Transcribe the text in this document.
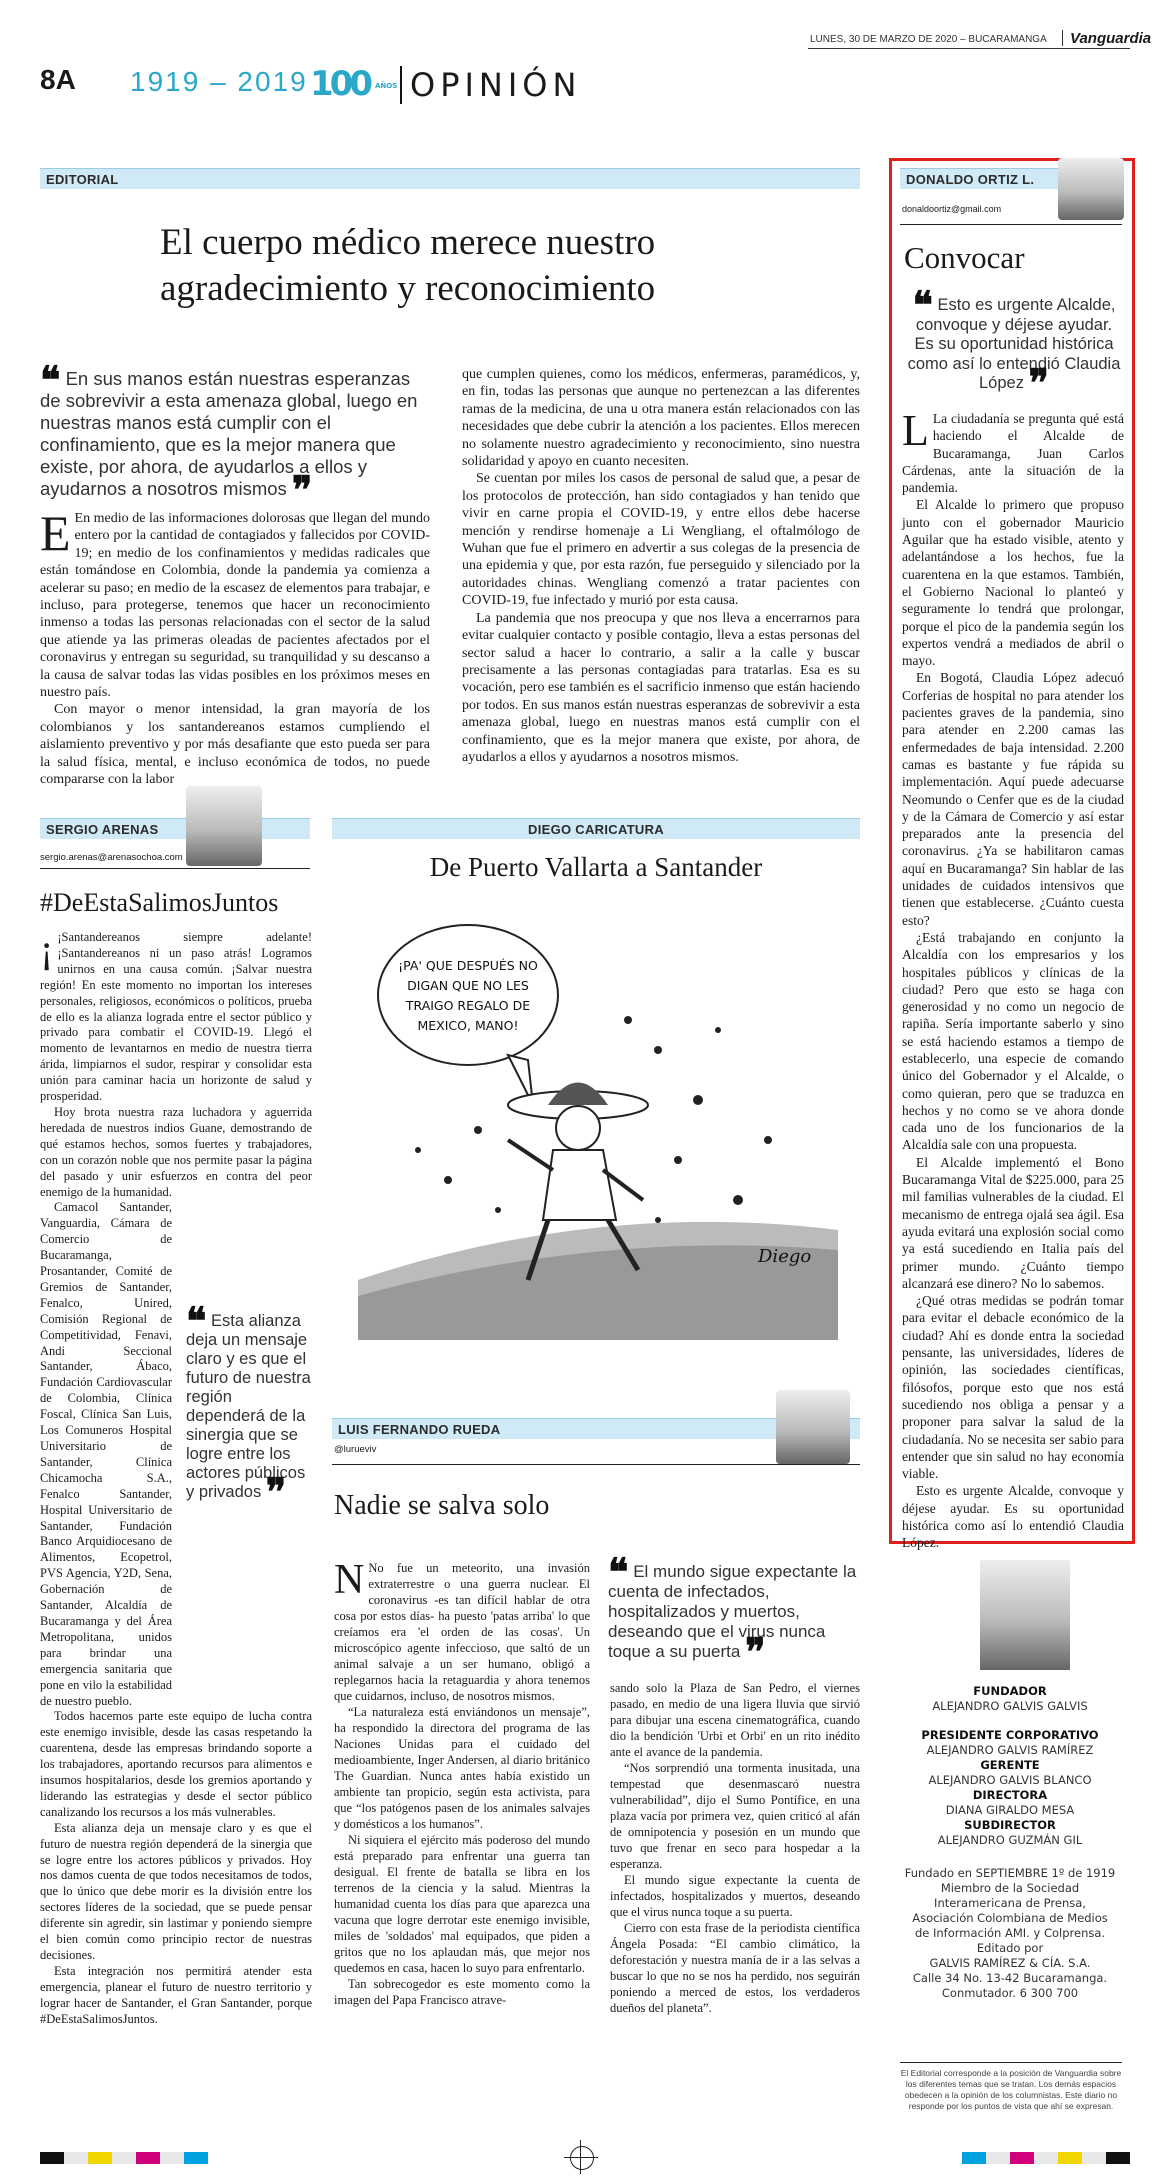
LUNES, 30 DE MARZO DE 2020 – BUCARAMANGA Vanguardia
8A 1919 – 2019 100 AÑOS OPINIÓN
EDITORIAL
El cuerpo médico merece nuestro agradecimiento y reconocimiento
❝ En sus manos están nuestras esperanzas de sobrevivir a esta amenaza global, luego en nuestras manos está cumplir con el confinamiento, que es la mejor manera que existe, por ahora, de ayudarlos a ellos y ayudarnos a nosotros mismos ❞

E En medio de las informaciones dolorosas que llegan del mundo entero por la cantidad de contagiados y fallecidos por COVID-19; en medio de los confinamientos y medidas radicales que están tomándose en Colombia, donde la pandemia ya comienza a acelerar su paso; en medio de la escasez de elementos para trabajar, e incluso, para protegerse, tenemos que hacer un reconocimiento inmenso a todas las personas relacionadas con el sector de la salud que atiende ya las primeras oleadas de pacientes afectados por el coronavirus y entregan su seguridad, su tranquilidad y su descanso a la causa de salvar todas las vidas posibles en los próximos meses en nuestro país.

Con mayor o menor intensidad, la gran mayoría de los colombianos y los santandereanos estamos cumpliendo el aislamiento preventivo y por más desafiante que esto pueda ser para la salud física, mental, e incluso económica de todos, no puede compararse con la labor

que cumplen quienes, como los médicos, enfermeras, paramédicos, y, en fin, todas las personas que aunque no pertenezcan a las diferentes ramas de la medicina, de una u otra manera están relacionados con las necesidades que debe cubrir la atención a los pacientes. Ellos merecen no solamente nuestro agradecimiento y reconocimiento, sino nuestra solidaridad y apoyo en cuanto necesiten.

Se cuentan por miles los casos de personal de salud que, a pesar de los protocolos de protección, han sido contagiados y han tenido que vivir en carne propia el COVID-19, y entre ellos debe hacerse mención y rendirse homenaje a Li Wengliang, el oftalmólogo de Wuhan que fue el primero en advertir a sus colegas de la presencia de una epidemia y que, por esta razón, fue perseguido y silenciado por la autoridades chinas. Wengliang comenzó a tratar pacientes con COVID-19, fue infectado y murió por esta causa.

La pandemia que nos preocupa y que nos lleva a encerrarnos para evitar cualquier contacto y posible contagio, lleva a estas personas del sector salud a hacer lo contrario, a salir a la calle y buscar precisamente a las personas contagiadas para tratarlas. Esa es su vocación, pero ese también es el sacrificio inmenso que están haciendo por todos. En sus manos están nuestras esperanzas de sobrevivir a esta amenaza global, luego en nuestras manos está cumplir con el confinamiento, que es la mejor manera que existe, por ahora, de ayudarlos a ellos y ayudarnos a nosotros mismos.

DONALDO ORTIZ L.
donaldoortiz@gmail.com
Convocar
❝ Esto es urgente Alcalde, convoque y déjese ayudar. Es su oportunidad histórica como así lo entendió Claudia López ❞

L La ciudadanía se pregunta qué está haciendo el Alcalde de Bucaramanga, Juan Carlos Cárdenas, ante la situación de la pandemia.

El Alcalde lo primero que propuso junto con el gobernador Mauricio Aguilar que ha estado visible, atento y adelantándose a los hechos, fue la cuarentena en la que estamos. También, el Gobierno Nacional lo planteó y seguramente lo tendrá que prolongar, porque el pico de la pandemia según los expertos vendrá a mediados de abril o mayo.

En Bogotá, Claudia López adecuó Corferias de hospital no para atender los pacientes graves de la pandemia, sino para atender en 2.200 camas las enfermedades de baja intensidad. 2.200 camas es bastante y fue rápida su implementación. Aquí puede adecuarse Neomundo o Cenfer que es de la ciudad y de la Cámara de Comercio y así estar preparados ante la presencia del coronavirus. ¿Ya se habilitaron camas aquí en Bucaramanga? Sin hablar de las unidades de cuidados intensivos que tienen que establecerse. ¿Cuánto cuesta esto?

¿Está trabajando en conjunto la Alcaldía con los empresarios y los hospitales públicos y clínicas de la ciudad? Pero que esto se haga con generosidad y no como un negocio de rapiña. Sería importante saberlo y sino se está haciendo estamos a tiempo de establecerlo, una especie de comando único del Gobernador y el Alcalde, o como quieran, pero que se traduzca en hechos y no como se ve ahora donde cada uno de los funcionarios de la Alcaldía sale con una propuesta.

El Alcalde implementó el Bono Bucaramanga Vital de $225.000, para 25 mil familias vulnerables de la ciudad. El mecanismo de entrega ojalá sea ágil. Esa ayuda evitará una explosión social como ya está sucediendo en Italia país del primer mundo. ¿Cuánto tiempo alcanzará ese dinero? No lo sabemos.

¿Qué otras medidas se podrán tomar para evitar el debacle económico de la ciudad? Ahí es donde entra la sociedad pensante, las universidades, líderes de opinión, las sociedades científicas, filósofos, porque esto que nos está sucediendo nos obliga a pensar y a proponer para salvar la salud de la ciudadanía. No se necesita ser sabio para entender que sin salud no hay economía viable.

Esto es urgente Alcalde, convoque y déjese ayudar. Es su oportunidad histórica como así lo entendió Claudia López.

SERGIO ARENAS
sergio.arenas@arenasochoa.com
#DeEstaSalimosJuntos
❝ Esta alianza deja un mensaje claro y es que el futuro de nuestra región dependerá de la sinergia que se logre entre los actores públicos y privados ❞

¡ ¡Santandereanos siempre adelante! ¡Santandereanos ni un paso atrás! Logramos unirnos en una causa común. ¡Salvar nuestra región! En este momento no importan los intereses personales, religiosos, económicos o políticos, prueba de ello es la alianza lograda entre el sector público y privado para combatir el COVID-19. Llegó el momento de levantarnos en medio de nuestra tierra árida, limpiarnos el sudor, respirar y consolidar esta unión para caminar hacia un horizonte de salud y prosperidad.

Hoy brota nuestra raza luchadora y aguerrida heredada de nuestros indios Guane, demostrando de qué estamos hechos, somos fuertes y trabajadores, con un corazón noble que nos permite pasar la página del pasado y unir esfuerzos en contra del peor enemigo de la humanidad.

Camacol Santander, Vanguardia, Cámara de Comercio de Bucaramanga, Prosantander, Comité de Gremios de Santander, Fenalco, Unired, Comisión Regional de Competitividad, Fenavi, Andi Seccional Santander, Ábaco, Fundación Cardiovascular de Colombia, Clínica Foscal, Clínica San Luis, Los Comuneros Hospital Universitario de Santander, Clínica Chicamocha S.A., Fenalco Santander, Hospital Universitario de Santander, Fundación Banco Arquidiocesano de Alimentos, Ecopetrol, PVS Agencia, Y2D, Sena, Gobernación de Santander, Alcaldía de Bucaramanga y del Área Metropolitana, unidos para brindar una emergencia sanitaria que pone en vilo la estabilidad de nuestro pueblo.

Todos hacemos parte este equipo de lucha contra este enemigo invisible, desde las casas respetando la cuarentena, desde las empresas brindando soporte a los trabajadores, aportando recursos para alimentos e insumos hospitalarios, desde los gremios aportando y liderando las estrategias y desde el sector público canalizando los recursos a los más vulnerables.

Esta alianza deja un mensaje claro y es que el futuro de nuestra región dependerá de la sinergia que se logre entre los actores públicos y privados. Hoy nos damos cuenta de que todos necesitamos de todos, que lo único que debe morir es la división entre los sectores líderes de la sociedad, que se puede pensar diferente sin agredir, sin lastimar y poniendo siempre el bien común como principio rector de nuestras decisiones.

Esta integración nos permitirá atender esta emergencia, planear el futuro de nuestro territorio y lograr hacer de Santander, el Gran Santander, porque #DeEstaSalimosJuntos.

DIEGO CARICATURA
De Puerto Vallarta a Santander
¡PA' QUE DESPUÉS NO
DIGAN QUE NO LES
TRAIGO REGALO DE
MEXICO, MANO!
Diego
LUIS FERNANDO RUEDA
@lurueviv
Nadie se salva solo
❝ El mundo sigue expectante la cuenta de infectados, hospitalizados y muertos, deseando que el virus nunca toque a su puerta ❞

N No fue un meteorito, una invasión extraterrestre o una guerra nuclear. El coronavirus -es tan difícil hablar de otra cosa por estos días- ha puesto 'patas arriba' lo que creíamos era 'el orden de las cosas'. Un microscópico agente infeccioso, que saltó de un animal salvaje a un ser humano, obligó a replegarnos hacia la retaguardia y ahora tenemos que cuidarnos, incluso, de nosotros mismos.

“La naturaleza está enviándonos un mensaje”, ha respondido la directora del programa de las Naciones Unidas para el cuidado del medioambiente, Inger Andersen, al diario británico The Guardian. Nunca antes había existido un ambiente tan propicio, según esta activista, para que “los patógenos pasen de los animales salvajes y domésticos a los humanos”.

Ni siquiera el ejército más poderoso del mundo está preparado para enfrentar una guerra tan desigual. El frente de batalla se libra en los terrenos de la ciencia y la salud. Mientras la humanidad cuenta los días para que aparezca una vacuna que logre derrotar este enemigo invisible, miles de 'soldados' mal equipados, que piden a gritos que no los aplaudan más, que mejor nos quedemos en casa, hacen lo suyo para enfrentarlo.

Tan sobrecogedor es este momento como la imagen del Papa Francisco atrave-

sando solo la Plaza de San Pedro, el viernes pasado, en medio de una ligera lluvia que sirvió para dibujar una escena cinematográfica, cuando dio la bendición 'Urbi et Orbi' en un rito inédito ante el avance de la pandemia.

“Nos sorprendió una tormenta inusitada, una tempestad que desenmascaró nuestra vulnerabilidad”, dijo el Sumo Pontífice, en una plaza vacía por primera vez, quien criticó al afán de omnipotencia y posesión en un mundo que tuvo que frenar en seco para hospedar a la esperanza.

El mundo sigue expectante la cuenta de infectados, hospitalizados y muertos, deseando que el virus nunca toque a su puerta.

Cierro con esta frase de la periodista científica Ángela Posada: “El cambio climático, la deforestación y nuestra manía de ir a las selvas a buscar lo que no se nos ha perdido, nos seguirán poniendo a merced de estos, los verdaderos dueños del planeta”.

FUNDADOR
ALEJANDRO GALVIS GALVIS
PRESIDENTE CORPORATIVO
ALEJANDRO GALVIS RAMÍREZ
GERENTE
ALEJANDRO GALVIS BLANCO
DIRECTORA
DIANA GIRALDO MESA
SUBDIRECTOR
ALEJANDRO GUZMÁN GIL
Fundado en SEPTIEMBRE 1º de 1919
Miembro de la Sociedad
Interamericana de Prensa,
Asociación Colombiana de Medios
de Información AMI. y Colprensa.
Editado por
GALVIS RAMÍREZ & CÍA. S.A.
Calle 34 No. 13-42 Bucaramanga.
Conmutador. 6 300 700
El Editorial corresponde a la posición de Vanguardia sobre los diferentes temas que se tratan. Los demás espacios obedecen a la opinión de los columnistas. Este diario no responde por los puntos de vista que ahí se expresan.
